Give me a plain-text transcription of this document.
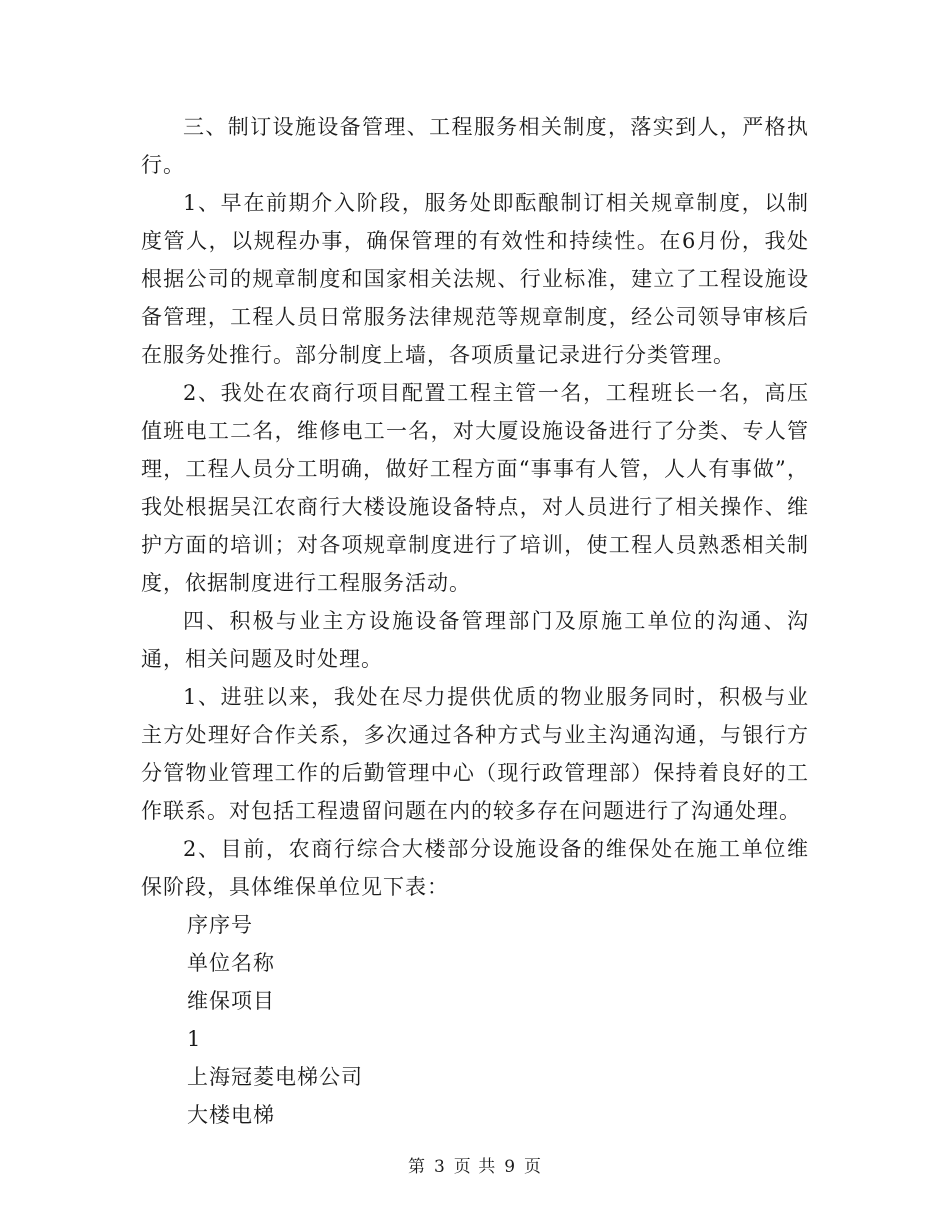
三、制订设施设备管理、工程服务相关制度，落实到人，严格执行。

1、早在前期介入阶段，服务处即酝酿制订相关规章制度，以制度管人，以规程办事，确保管理的有效性和持续性。在6月份，我处根据公司的规章制度和国家相关法规、行业标准，建立了工程设施设备管理，工程人员日常服务法律规范等规章制度，经公司领导审核后在服务处推行。部分制度上墙，各项质量记录进行分类管理。

2、我处在农商行项目配置工程主管一名，工程班长一名，高压值班电工二名，维修电工一名，对大厦设施设备进行了分类、专人管理，工程人员分工明确，做好工程方面“事事有人管，人人有事做”，我处根据吴江农商行大楼设施设备特点，对人员进行了相关操作、维护方面的培训；对各项规章制度进行了培训，使工程人员熟悉相关制度，依据制度进行工程服务活动。

四、积极与业主方设施设备管理部门及原施工单位的沟通、沟通，相关问题及时处理。

1、进驻以来，我处在尽力提供优质的物业服务同时，积极与业主方处理好合作关系，多次通过各种方式与业主沟通沟通，与银行方分管物业管理工作的后勤管理中心（现行政管理部）保持着良好的工作联系。对包括工程遗留问题在内的较多存在问题进行了沟通处理。

2、目前，农商行综合大楼部分设施设备的维保处在施工单位维保阶段，具体维保单位见下表：

序序号
单位名称
维保项目
1
上海冠菱电梯公司
大楼电梯
第 3 页 共 9 页
